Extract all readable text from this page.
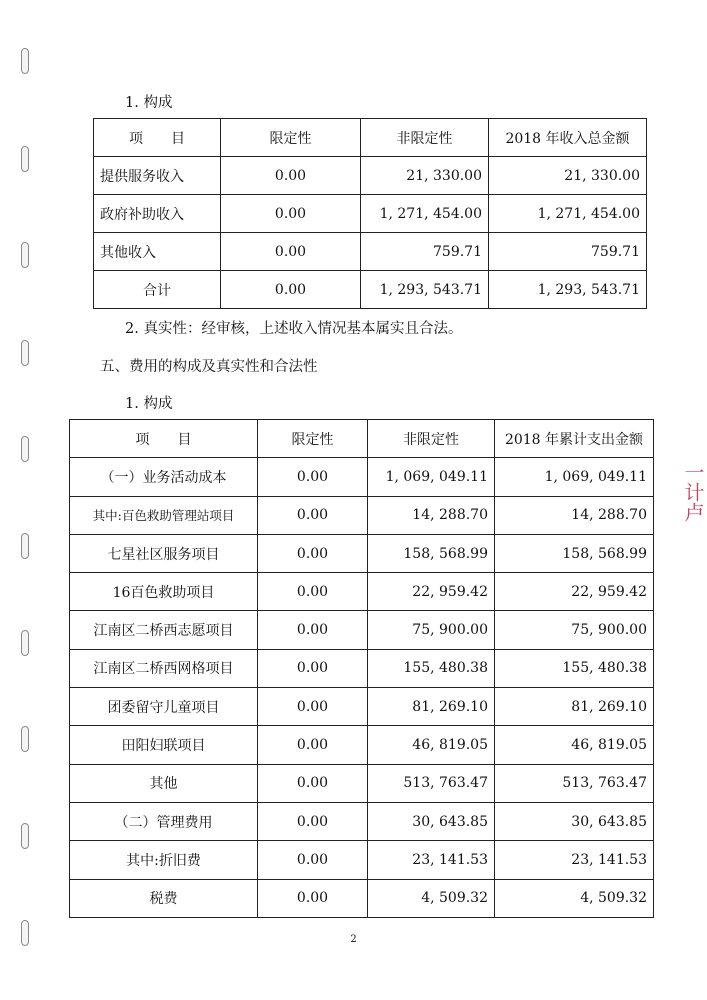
1. 构成
项　　目	限定性	非限定性	2018 年收入总金额
提供服务收入	0.00	21, 330.00	21, 330.00
政府补助收入	0.00	1, 271, 454.00	1, 271, 454.00
其他收入	0.00	759.71	759.71
合计	0.00	1, 293, 543.71	1, 293, 543.71
2. 真实性：经审核，上述收入情况基本属实且合法。
五、费用的构成及真实性和合法性
1. 构成
项　　目	限定性	非限定性	2018 年累计支出金额
（一）业务活动成本	0.00	1, 069, 049.11	1, 069, 049.11
其中:百色救助管理站项目	0.00	14, 288.70	14, 288.70
七星社区服务项目	0.00	158, 568.99	158, 568.99
16百色救助项目	0.00	22, 959.42	22, 959.42
江南区二桥西志愿项目	0.00	75, 900.00	75, 900.00
江南区二桥西网格项目	0.00	155, 480.38	155, 480.38
团委留守儿童项目	0.00	81, 269.10	81, 269.10
田阳妇联项目	0.00	46, 819.05	46, 819.05
其他	0.00	513, 763.47	513, 763.47
（二）管理费用	0.00	30, 643.85	30, 643.85
其中:折旧费	0.00	23, 141.53	23, 141.53
税费	0.00	4, 509.32	4, 509.32
一计卢
2
